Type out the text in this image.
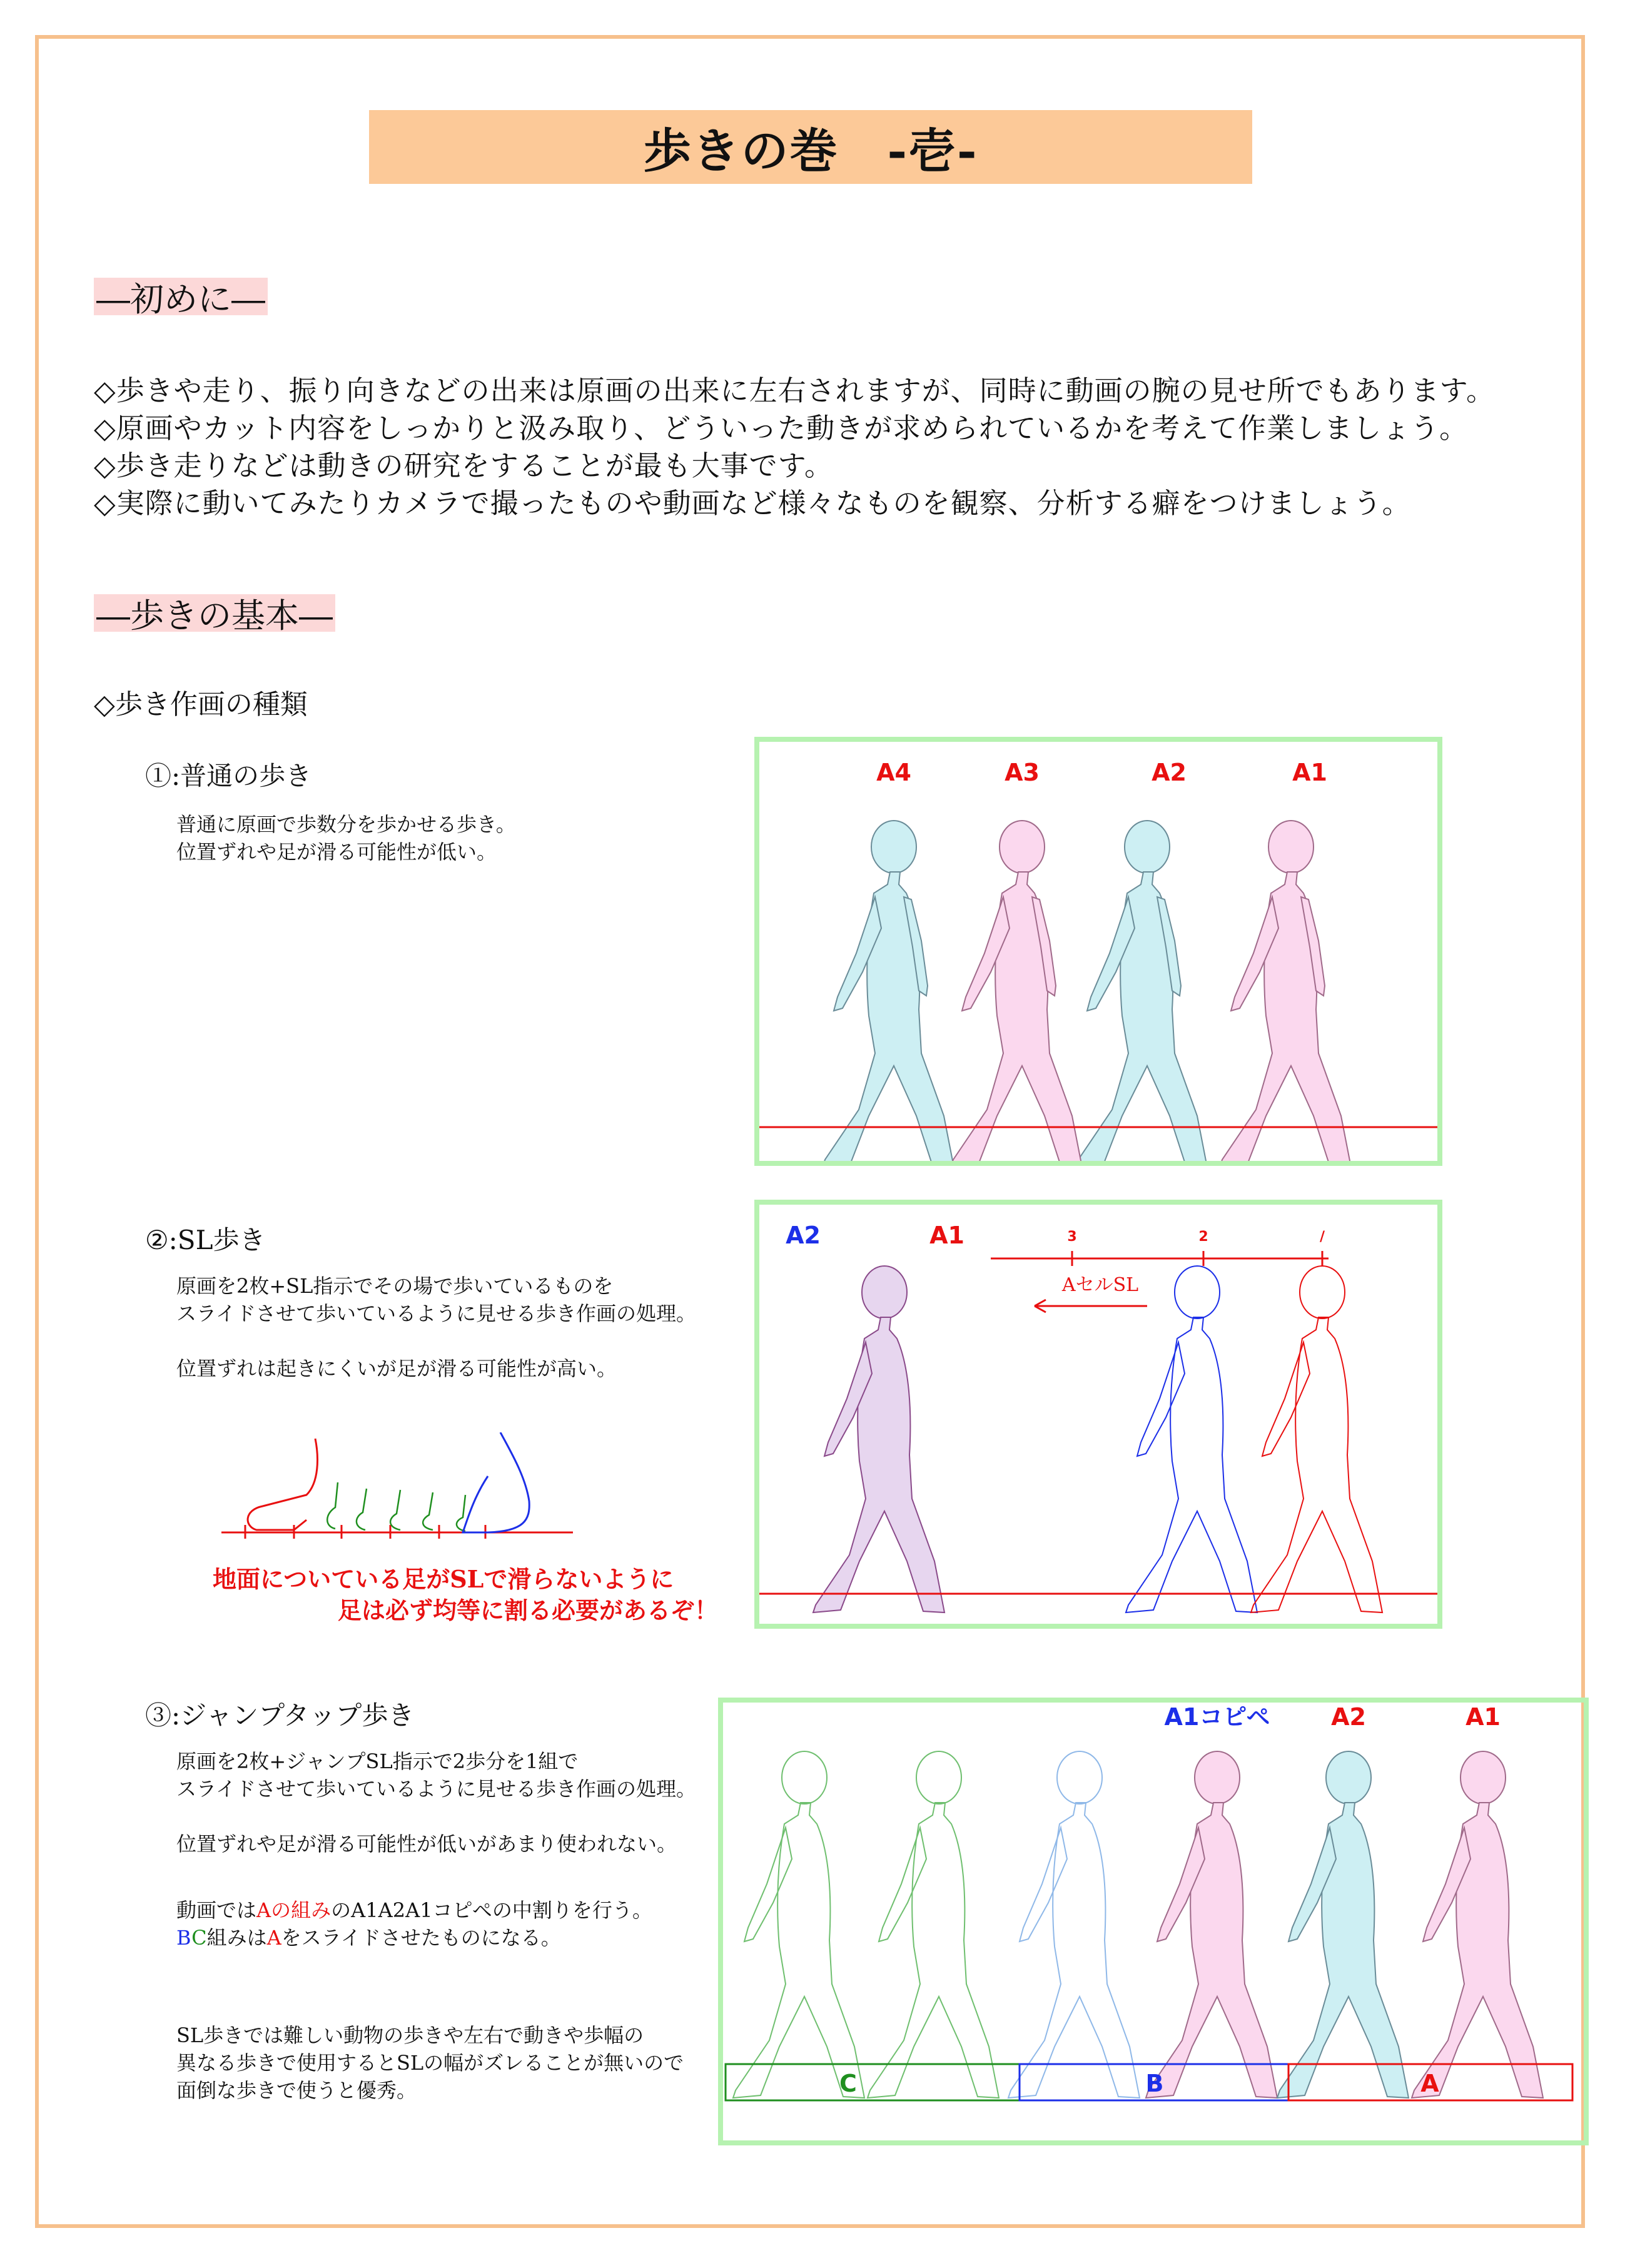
歩きの巻　-壱-
―初めに―
◇歩きや走り、振り向きなどの出来は原画の出来に左右されますが、同時に動画の腕の見せ所でもあります。
◇原画やカット内容をしっかりと汲み取り、どういった動きが求められているかを考えて作業しましょう。
◇歩き走りなどは動きの研究をすることが最も大事です。
◇実際に動いてみたりカメラで撮ったものや動画など様々なものを観察、分析する癖をつけましょう。
―歩きの基本―
◇歩き作画の種類
①:普通の歩き
普通に原画で歩数分を歩かせる歩き。
位置ずれや足が滑る可能性が低い。
A4	A3	A2	A1
②:SL歩き
原画を2枚+SL指示でその場で歩いているものを
スライドさせて歩いているように見せる歩き作画の処理。
位置ずれは起きにくいが足が滑る可能性が高い。
地面についている足がSLで滑らないように
足は必ず均等に割る必要があるぞ！
A2	A1	3	2	/
AセルSL
③:ジャンプタップ歩き
原画を2枚+ジャンプSL指示で2歩分を1組で
スライドさせて歩いているように見せる歩き作画の処理。
位置ずれや足が滑る可能性が低いがあまり使われない。
動画ではAの組みのA1A2A1コピペの中割りを行う。
BC組みはAをスライドさせたものになる。
SL歩きでは難しい動物の歩きや左右で動きや歩幅の
異なる歩きで使用するとSLの幅がズレることが無いので
面倒な歩きで使うと優秀。
A1コピペ	A2	A1
C	B	A
